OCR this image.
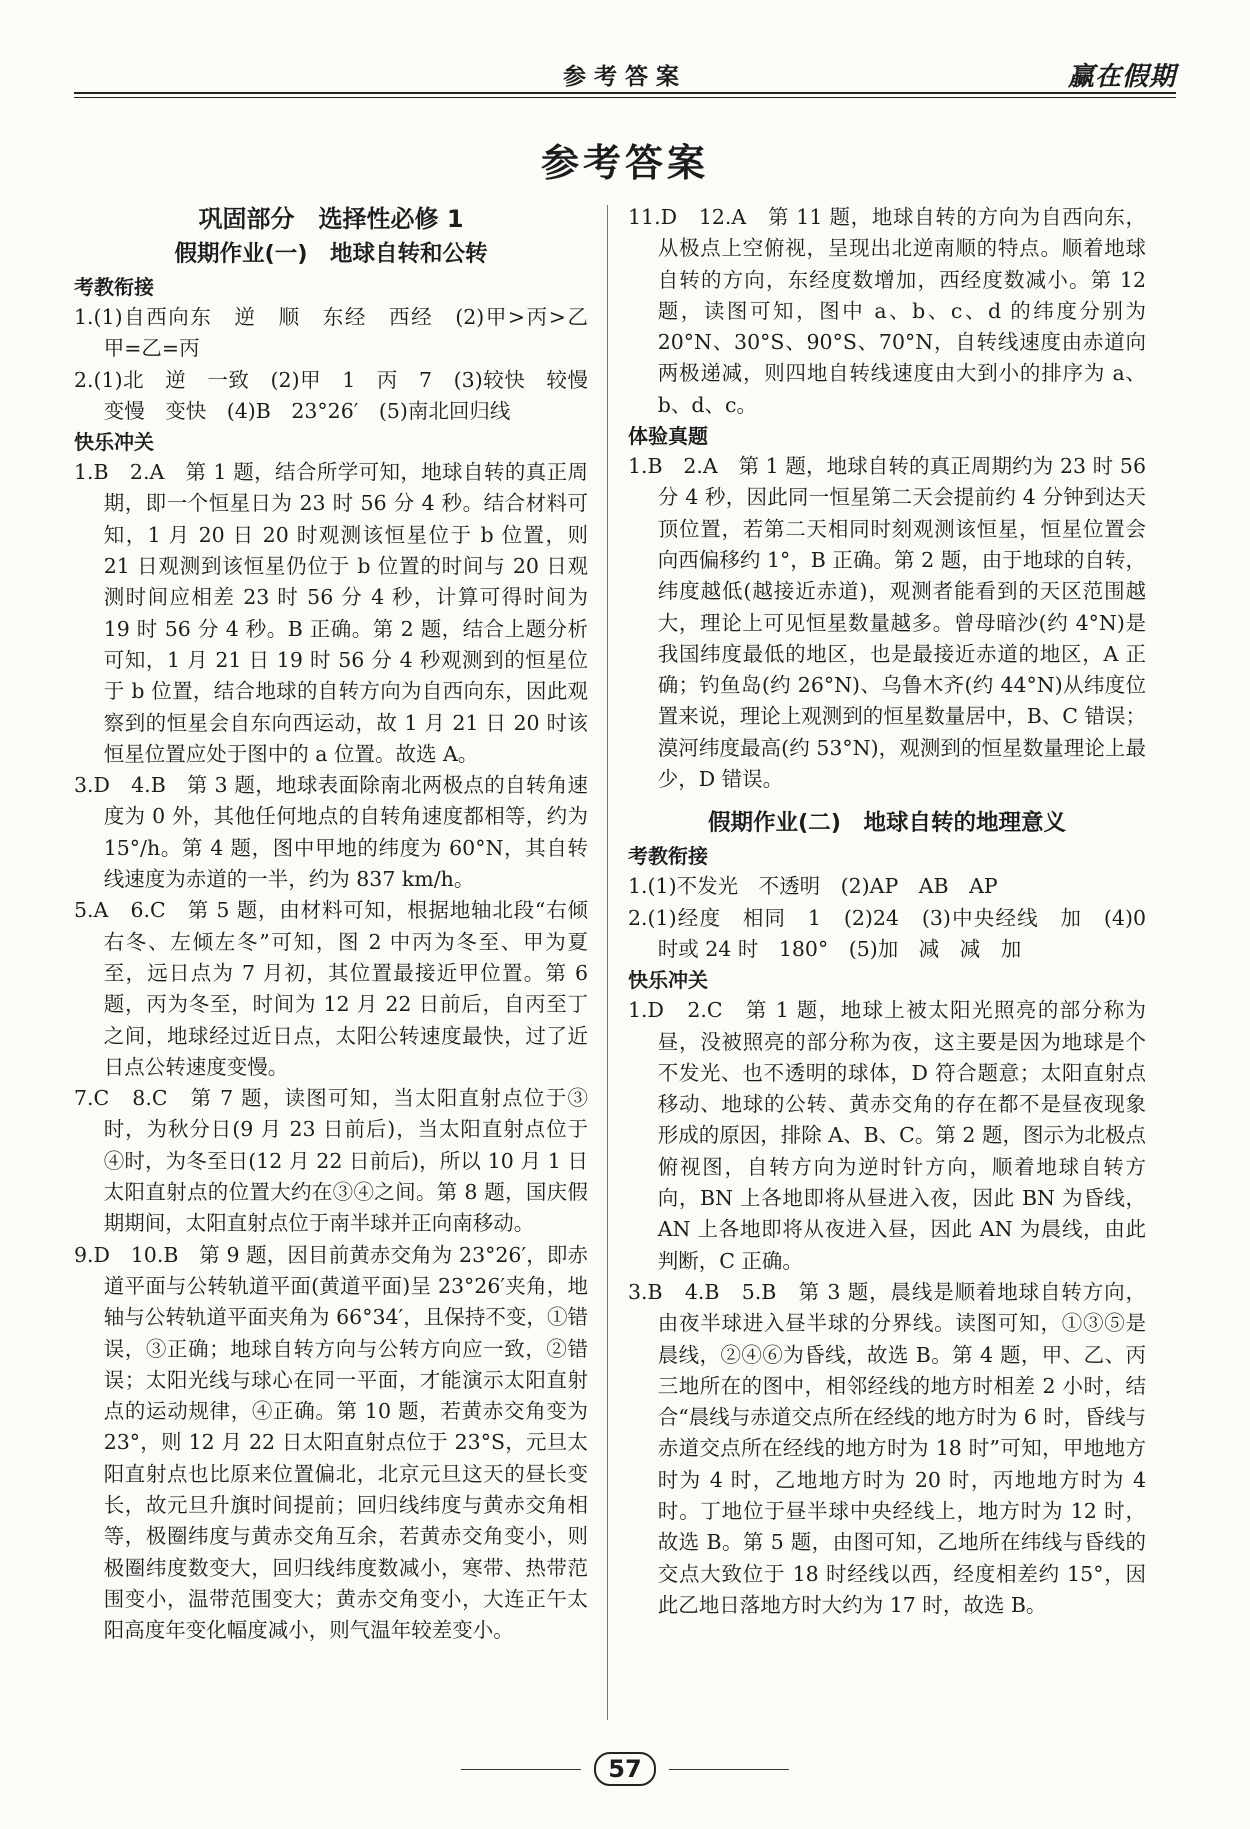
参考答案	赢在假期
参考答案
巩固部分　选择性必修 1
假期作业(一)　地球自转和公转
考教衔接
1.(1)自西向东　逆　顺　东经　西经　(2)甲>丙>乙　甲=乙=丙
2.(1)北　逆　一致　(2)甲　1　丙　7　(3)较快　较慢　变慢　变快　(4)B　23°26′　(5)南北回归线
快乐冲关
1.B　2.A　第 1 题，结合所学可知，地球自转的真正周期，即一个恒星日为 23 时 56 分 4 秒。结合材料可知，1 月 20 日 20 时观测该恒星位于 b 位置，则 21 日观测到该恒星仍位于 b 位置的时间与 20 日观测时间应相差 23 时 56 分 4 秒，计算可得时间为 19 时 56 分 4 秒。B 正确。第 2 题，结合上题分析可知，1 月 21 日 19 时 56 分 4 秒观测到的恒星位于 b 位置，结合地球的自转方向为自西向东，因此观察到的恒星会自东向西运动，故 1 月 21 日 20 时该恒星位置应处于图中的 a 位置。故选 A。
3.D　4.B　第 3 题，地球表面除南北两极点的自转角速度为 0 外，其他任何地点的自转角速度都相等，约为 15°/h。第 4 题，图中甲地的纬度为 60°N，其自转线速度为赤道的一半，约为 837 km/h。
5.A　6.C　第 5 题，由材料可知，根据地轴北段“右倾右冬、左倾左冬”可知，图 2 中丙为冬至、甲为夏至，远日点为 7 月初，其位置最接近甲位置。第 6 题，丙为冬至，时间为 12 月 22 日前后，自丙至丁之间，地球经过近日点，太阳公转速度最快，过了近日点公转速度变慢。
7.C　8.C　第 7 题，读图可知，当太阳直射点位于③时，为秋分日(9 月 23 日前后)，当太阳直射点位于④时，为冬至日(12 月 22 日前后)，所以 10 月 1 日太阳直射点的位置大约在③④之间。第 8 题，国庆假期期间，太阳直射点位于南半球并正向南移动。
9.D　10.B　第 9 题，因目前黄赤交角为 23°26′，即赤道平面与公转轨道平面(黄道平面)呈 23°26′夹角，地轴与公转轨道平面夹角为 66°34′，且保持不变，①错误，③正确；地球自转方向与公转方向应一致，②错误；太阳光线与球心在同一平面，才能演示太阳直射点的运动规律，④正确。第 10 题，若黄赤交角变为 23°，则 12 月 22 日太阳直射点位于 23°S，元旦太阳直射点也比原来位置偏北，北京元旦这天的昼长变长，故元旦升旗时间提前；回归线纬度与黄赤交角相等，极圈纬度与黄赤交角互余，若黄赤交角变小，则极圈纬度数变大，回归线纬度数减小，寒带、热带范围变小，温带范围变大；黄赤交角变小，大连正午太阳高度年变化幅度减小，则气温年较差变小。
11.D　12.A　第 11 题，地球自转的方向为自西向东，从极点上空俯视，呈现出北逆南顺的特点。顺着地球自转的方向，东经度数增加，西经度数减小。第 12 题，读图可知，图中 a、b、c、d 的纬度分别为 20°N、30°S、90°S、70°N，自转线速度由赤道向两极递减，则四地自转线速度由大到小的排序为 a、b、d、c。
体验真题
1.B　2.A　第 1 题，地球自转的真正周期约为 23 时 56 分 4 秒，因此同一恒星第二天会提前约 4 分钟到达天顶位置，若第二天相同时刻观测该恒星，恒星位置会向西偏移约 1°，B 正确。第 2 题，由于地球的自转，纬度越低(越接近赤道)，观测者能看到的天区范围越大，理论上可见恒星数量越多。曾母暗沙(约 4°N)是我国纬度最低的地区，也是最接近赤道的地区，A 正确；钓鱼岛(约 26°N)、乌鲁木齐(约 44°N)从纬度位置来说，理论上观测到的恒星数量居中，B、C 错误；漠河纬度最高(约 53°N)，观测到的恒星数量理论上最少，D 错误。
假期作业(二)　地球自转的地理意义
考教衔接
1.(1)不发光　不透明　(2)AP　AB　AP
2.(1)经度　相同　1　(2)24　(3)中央经线　加　(4)0 时或 24 时　180°　(5)加　减　减　加
快乐冲关
1.D　2.C　第 1 题，地球上被太阳光照亮的部分称为昼，没被照亮的部分称为夜，这主要是因为地球是个不发光、也不透明的球体，D 符合题意；太阳直射点移动、地球的公转、黄赤交角的存在都不是昼夜现象形成的原因，排除 A、B、C。第 2 题，图示为北极点俯视图，自转方向为逆时针方向，顺着地球自转方向，BN 上各地即将从昼进入夜，因此 BN 为昏线，AN 上各地即将从夜进入昼，因此 AN 为晨线，由此判断，C 正确。
3.B　4.B　5.B　第 3 题，晨线是顺着地球自转方向，由夜半球进入昼半球的分界线。读图可知，①③⑤是晨线，②④⑥为昏线，故选 B。第 4 题，甲、乙、丙三地所在的图中，相邻经线的地方时相差 2 小时，结合“晨线与赤道交点所在经线的地方时为 6 时，昏线与赤道交点所在经线的地方时为 18 时”可知，甲地地方时为 4 时，乙地地方时为 20 时，丙地地方时为 4 时。丁地位于昼半球中央经线上，地方时为 12 时，故选 B。第 5 题，由图可知，乙地所在纬线与昏线的交点大致位于 18 时经线以西，经度相差约 15°，因此乙地日落地方时大约为 17 时，故选 B。
57
